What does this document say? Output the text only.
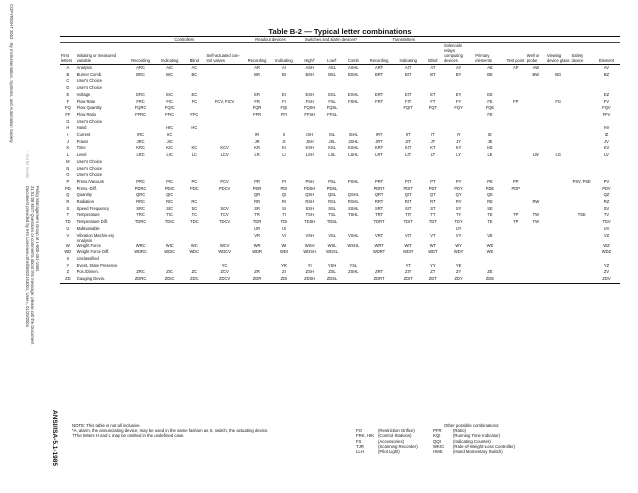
COPYRIGHT 2003 · By Instrumentation, Systems, and Automation Society
Document provided by IHS Licensee=Shell/5922163001, User=, 01/29/2004 21:51:08 MST Questions or comments about this message: please call the Document Policy Management Group at 1-800-451-1584.
-- not for resale
ANSI/ISA-5.1-1985
Table B-2 — Typical letter combinations
		Controllers				Readout devices		Switches and alarm devices*			Transmitters									
First letters	Initiating or measured variable	Recording	Indicating	Blind	Self-actuated con-trol valves	Recording	Indicating	High†	Low†	Comb	Recording	Indicating	Blind	Solenoids relays computing devices	Primary elements	Test point	Well or probe	Viewing device glass	Safety device	Element
A	Analysis	ARC	AIC	AC		AR	AI	ASH	ASL	ASHL	ART	AIT	AT	AY	AE	AP	AW			AV
B	Burner Comb.	BRC	BIC	BC		BR	BI	BSH	BSL	BSHL	BRT	BIT	BT	BY	BE		BW	BG		BZ
C	User's Choice																			
D	User's Choice																			
E	Voltage	ERC	EIC	EC		ER	EI	ESH	ESL	ESHL	ERT	EIT	ET	EY	EE					EZ
F	Flow Rate	FRC	FIC	FC	FCV, FICV	FR	FI	FSH	FSL	FSHL	FRT	FIT	FT	FY	FE	FP		FG		FV
FQ	Flow Quantity	FQRC	FQIC			FQR	FQI	FQSH	FQSL			FQIT	FQT	FQY	FQE					FQV
FF	Flow Ratio	FFRC	FFIC	FFC		FFR	FFI	FFSH	FFSL						FE					FFV
G	User's Choice																			
H	Hand		HIC	HC																HV
I	Current	IRC	IIC			IR	II	ISH	ISL	ISHL	IRT	IIT	IT	IY	IE					IZ
J	Power	JRC	JIC			JR	JI	JSH	JSL	JSHL	JRT	JIT	JT	JY	JE					JV
K	Time	KRC	KIC	KC	KCV	KR	KI	KSH	KSL	KSHL	KRT	KIT	KT	KY	KE					KV
L	Level	LRC	LIC	LC	LCV	LR	LI	LSH	LSL	LSHL	LRT	LIT	LT	LY	LE		LW	LG		LV
M	User's Choice																			
N	User's Choice																			
O	User's Choice																			
P	Press./Vacuum	PRC	PIC	PC	PCV	PR	PI	PSH	PSL	PSHL	PRT	PIT	PT	PY	PE	PP			PSV, PSE	PV
PD	Press.-Diff.	PDRC	PDIC	PDC	PDCV	PDR	PDI	PDSH	PDSL		PDRT	PDIT	PDT	PDY	PDE	PDP				PDV
Q	Quantity	QRC	QIC			QR	QI	QSH	QSL	QSHL	QRT	QIT	QT	QY	QE					QZ
R	Radiation	RRC	RIC	RC		RR	RI	RSH	RSL	RSHL	RRT	RIT	RT	RY	RE		RW			RZ
S	Speed Frequency	SRC	SIC	SC	SCV	SR	SI	SSH	SSL	SSHL	SRT	SIT	ST	SY	SE					SV
T	Temperature	TRC	TIC	TC	TCV	TR	TI	TSH	TSL	TSHL	TRT	TIT	TT	TY	TE	TP	TW		TSE	TV
TD	Temperature Diff.	TDRC	TDIC	TDC	TDCV	TDR	TDI	TDSH	TDSL		TDRT	TDIT	TDT	TDY	TE	TP	TW			TDV
U	Multivariable					UR	UI							UY						UV
V	Vibration Machin-ery Analysis					VR	VI	VSH	VSL	VSHL	VRT	VIT	VT	VY	VE					VZ
W	Weight Force	WRC	WIC	WC	WCV	WR	WI	WSH	WSL	WSHL	WRT	WIT	WT	WY	WE					WZ
WD	Weight Force Diff.	WDRC	WDIC	WDC	WDCV	WDR	WDI	WDSH	WDSL		WDRT	WDIT	WDT	WDY	WE					WDZ
X	Unclassified																			
Y	Event, State Presence				YC		YR	YI	YSH	YSL		YT	YY	YE						YZ
Z	Pos./Dimen.	ZRC	ZIC	ZC	ZCV	ZR	ZI	ZSH	ZSL	ZSHL	ZRT	ZIT	ZT	ZY	ZE					ZV
ZD	Gauging Devia.	ZDRC	ZDIC	ZDC	ZDCV	ZDR	ZDI	ZDSH	ZDSL		ZDRT	ZDIT	ZDT	ZDY	ZDE					ZDV
NOTE: This table is not all inclusive.
*A, alarm, the annunciating device, may be used in the same fashion as S, switch, the actuating device.
†The letters H and L may be omitted in the undefined case.
Other possible combinations:
FO	(Restriction Orifice)	PFR	(Ratio)
FRK, HIK (Control Stations)	KQI	(Running Time Indicator)
FX	(Accessories)	QQI	(Indicating Counter)
TJR	(Scanning Recorder)	WKIC	(Rate-of-Weight-Loss Controller)
LLH	(Pilot Light)	HMS	(Hand Momentary Switch)
